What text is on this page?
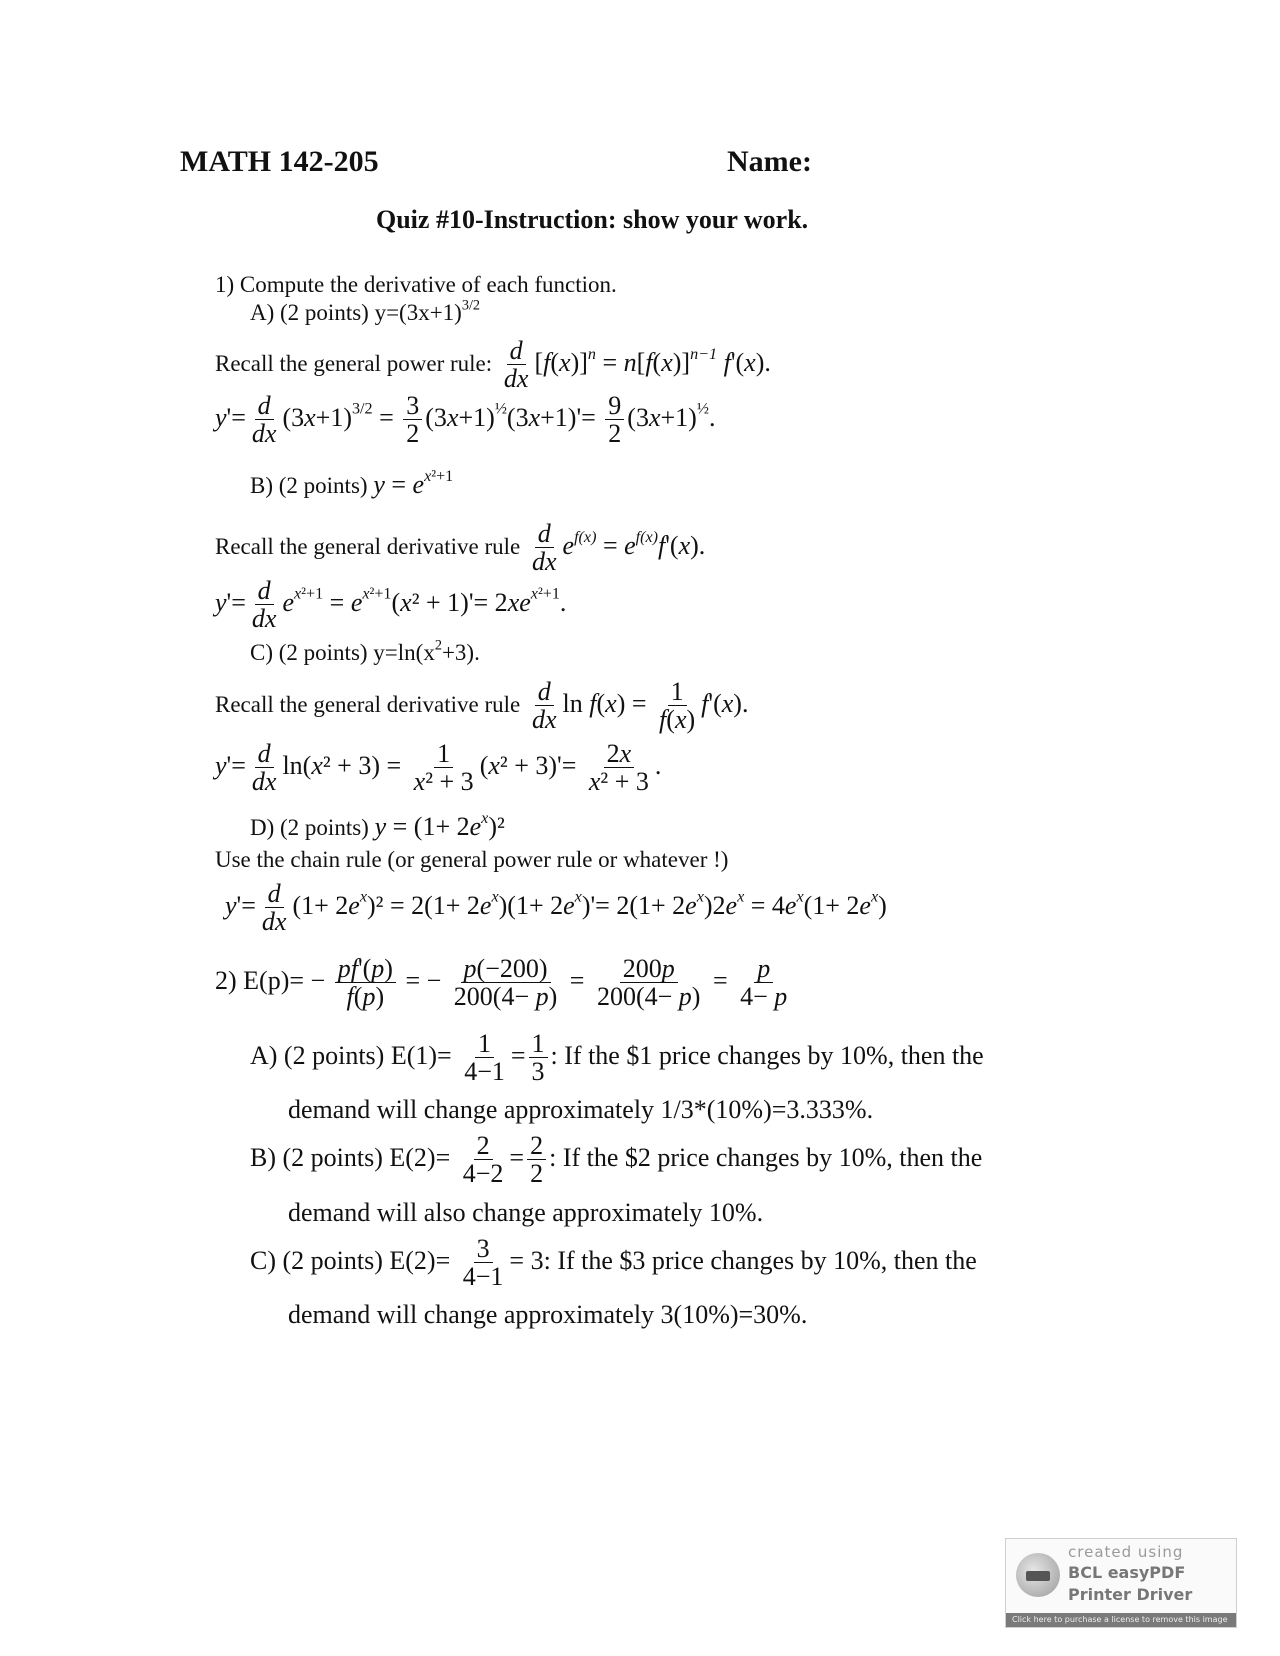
MATH 142-205	Name:
Quiz #10-Instruction: show your work.
1) Compute the derivative of each function.
A) (2 points) $y=(3x+1)^{3/2}$
Recall the general power rule: $\frac{d}{dx} [f(x)]^n = n[f(x)]^{n-1}$ f'(x).
$y'= \frac{d}{dx} (3x+1)^{3/2} = \frac{3}{2} (3x+1)^{\frac{1}{2}}(3x+1)'= \frac{9}{2} (3x+1)^{\frac{1}{2}}$.
B) (2 points) $y = e^{x^2+1}$
Recall the general derivative rule $\frac{d}{dx} e^{f(x)} = e^{f(x)}f'(x)$.
$y'= \frac{d}{dx} e^{x^2+1} = e^{x^2+1}(x^2 + 1)'= 2xe^{x^2+1}$.
C) (2 points) $y=\ln(x^2+3)$.
Recall the general derivative rule $\frac{d}{dx}$ $\ln f(x) = \frac{1}{f(x)} f'(x)$.
$y'= \frac{d}{dx} \ln(x^2 + 3) = \frac{1}{\text{x² + 3}} (x^2 + 3)'= \frac{2x}{\text{x² + 3}}$ .
D) (2 points) $y = (1+ 2e^x)^2$
Use the chain rule (or general power rule or whatever !)
$y'= \frac{d}{dx} (1+ 2e^x)^2 = 2(1+ 2e^x)(1+ 2e^x)'= 2(1+ 2e^x)2e^x = 4e^x(1+ 2e^x)$
2) $E(p)= - \frac{pf'(p)}{f(p)}$ = − $\frac{p(-200)}{200(4- p)} = \frac{200p}{200(4- p)} = \frac{p}{4- p}$
A) (2 points) $E(1)= \frac{1}{4-1} = \frac{1}{3}$ : If the $1 price changes by 10%, then the
demand will change approximately 1/3*(10%)=3.333%.
B) (2 points) $E(2)= \frac{2}{4-2} = \frac{2}{2}$ : If the $2 price changes by 10%, then the
demand will also change approximately 10%.
C) (2 points) $E(2)= \frac{3}{4-1} = 3$: If the $3 price changes by 10%, then the
demand will change approximately 3(10%)=30%.
created using
BCL easyPDF
Printer Driver
Click here to purchase a license to remove this image
